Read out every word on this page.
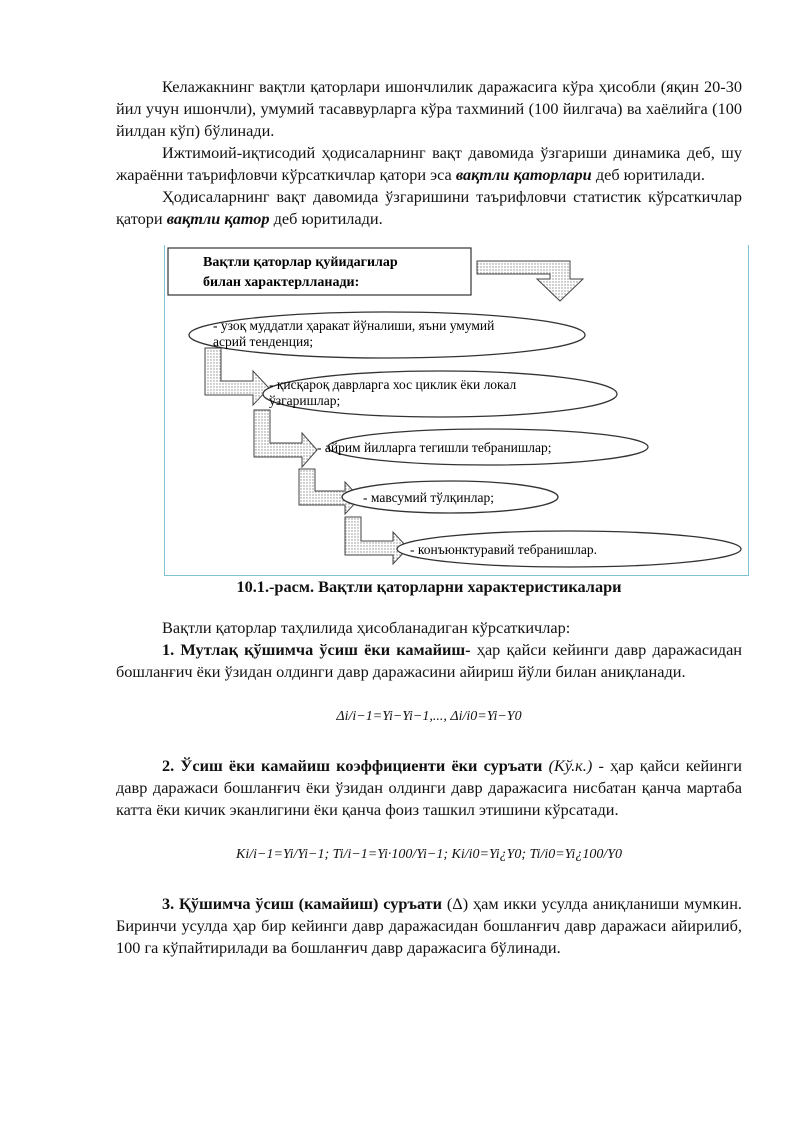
Келажакнинг вақтли қаторлари ишончлилик даражасига кўра ҳисобли (яқин 20-30 йил учун ишончли), умумий тасаввурларга кўра тахминий (100 йилгача) ва хаёлийга (100 йилдан кўп) бўлинади.

Ижтимоий-иқтисодий ҳодисаларнинг вақт давомида ўзгариши динамика деб, шу жараённи таърифловчи кўрсаткичлар қатори эса вақтли қаторлари деб юритилади.

Ҳодисаларнинг вақт давомида ўзгаришини таърифловчи статистик кўрсаткичлар қатори вақтли қатор деб юритилади.

Вақтли қаторлар қуйидагилар
билан характерлланади:
- узоқ муддатли ҳаракат йўналиши, яъни умумий
асрий тенденция;
- қисқароқ даврларга хос циклик ёки локал
ўзгаришлар;
- айрим йилларга тегишли тебранишлар;
- мавсумий тўлқинлар;
- конъюнктуравий тебранишлар.
10.1.-расм. Вақтли қаторларни характеристикалари

Вақтли қаторлар таҳлилида ҳисобланадиган кўрсаткичлар:

1. Мутлақ қўшимча ўсиш ёки камайиш- ҳар қайси кейинги давр даражасидан бошланғич ёки ўзидан олдинги давр даражасини айириш йўли билан аниқланади.

Δi/i−1=Yi−Yi−1,..., Δi/i0=Yi−Y0

2. Ўсиш ёки камайиш коэффициенти ёки суръати (Kў.к.) - ҳар қайси кейинги давр даражаси бошланғич ёки ўзидан олдинги давр даражасига нисбатан қанча мартаба катта ёки кичик эканлигини ёки қанча фоиз ташкил этишини кўрсатади.

Ki/i−1=Yi/Yi−1; Ti/i−1=Yi·100/Yi−1; Ki/i0=Yi¿Y0; Ti/i0=Yi¿100/Y0

3. Қўшимча ўсиш (камайиш) суръати (Δ) ҳам икки усулда аниқланиши мумкин. Биринчи усулда ҳар бир кейинги давр даражасидан бошланғич давр даражаси айирилиб, 100 га кўпайтирилади ва бошланғич давр даражасига бўлинади.
